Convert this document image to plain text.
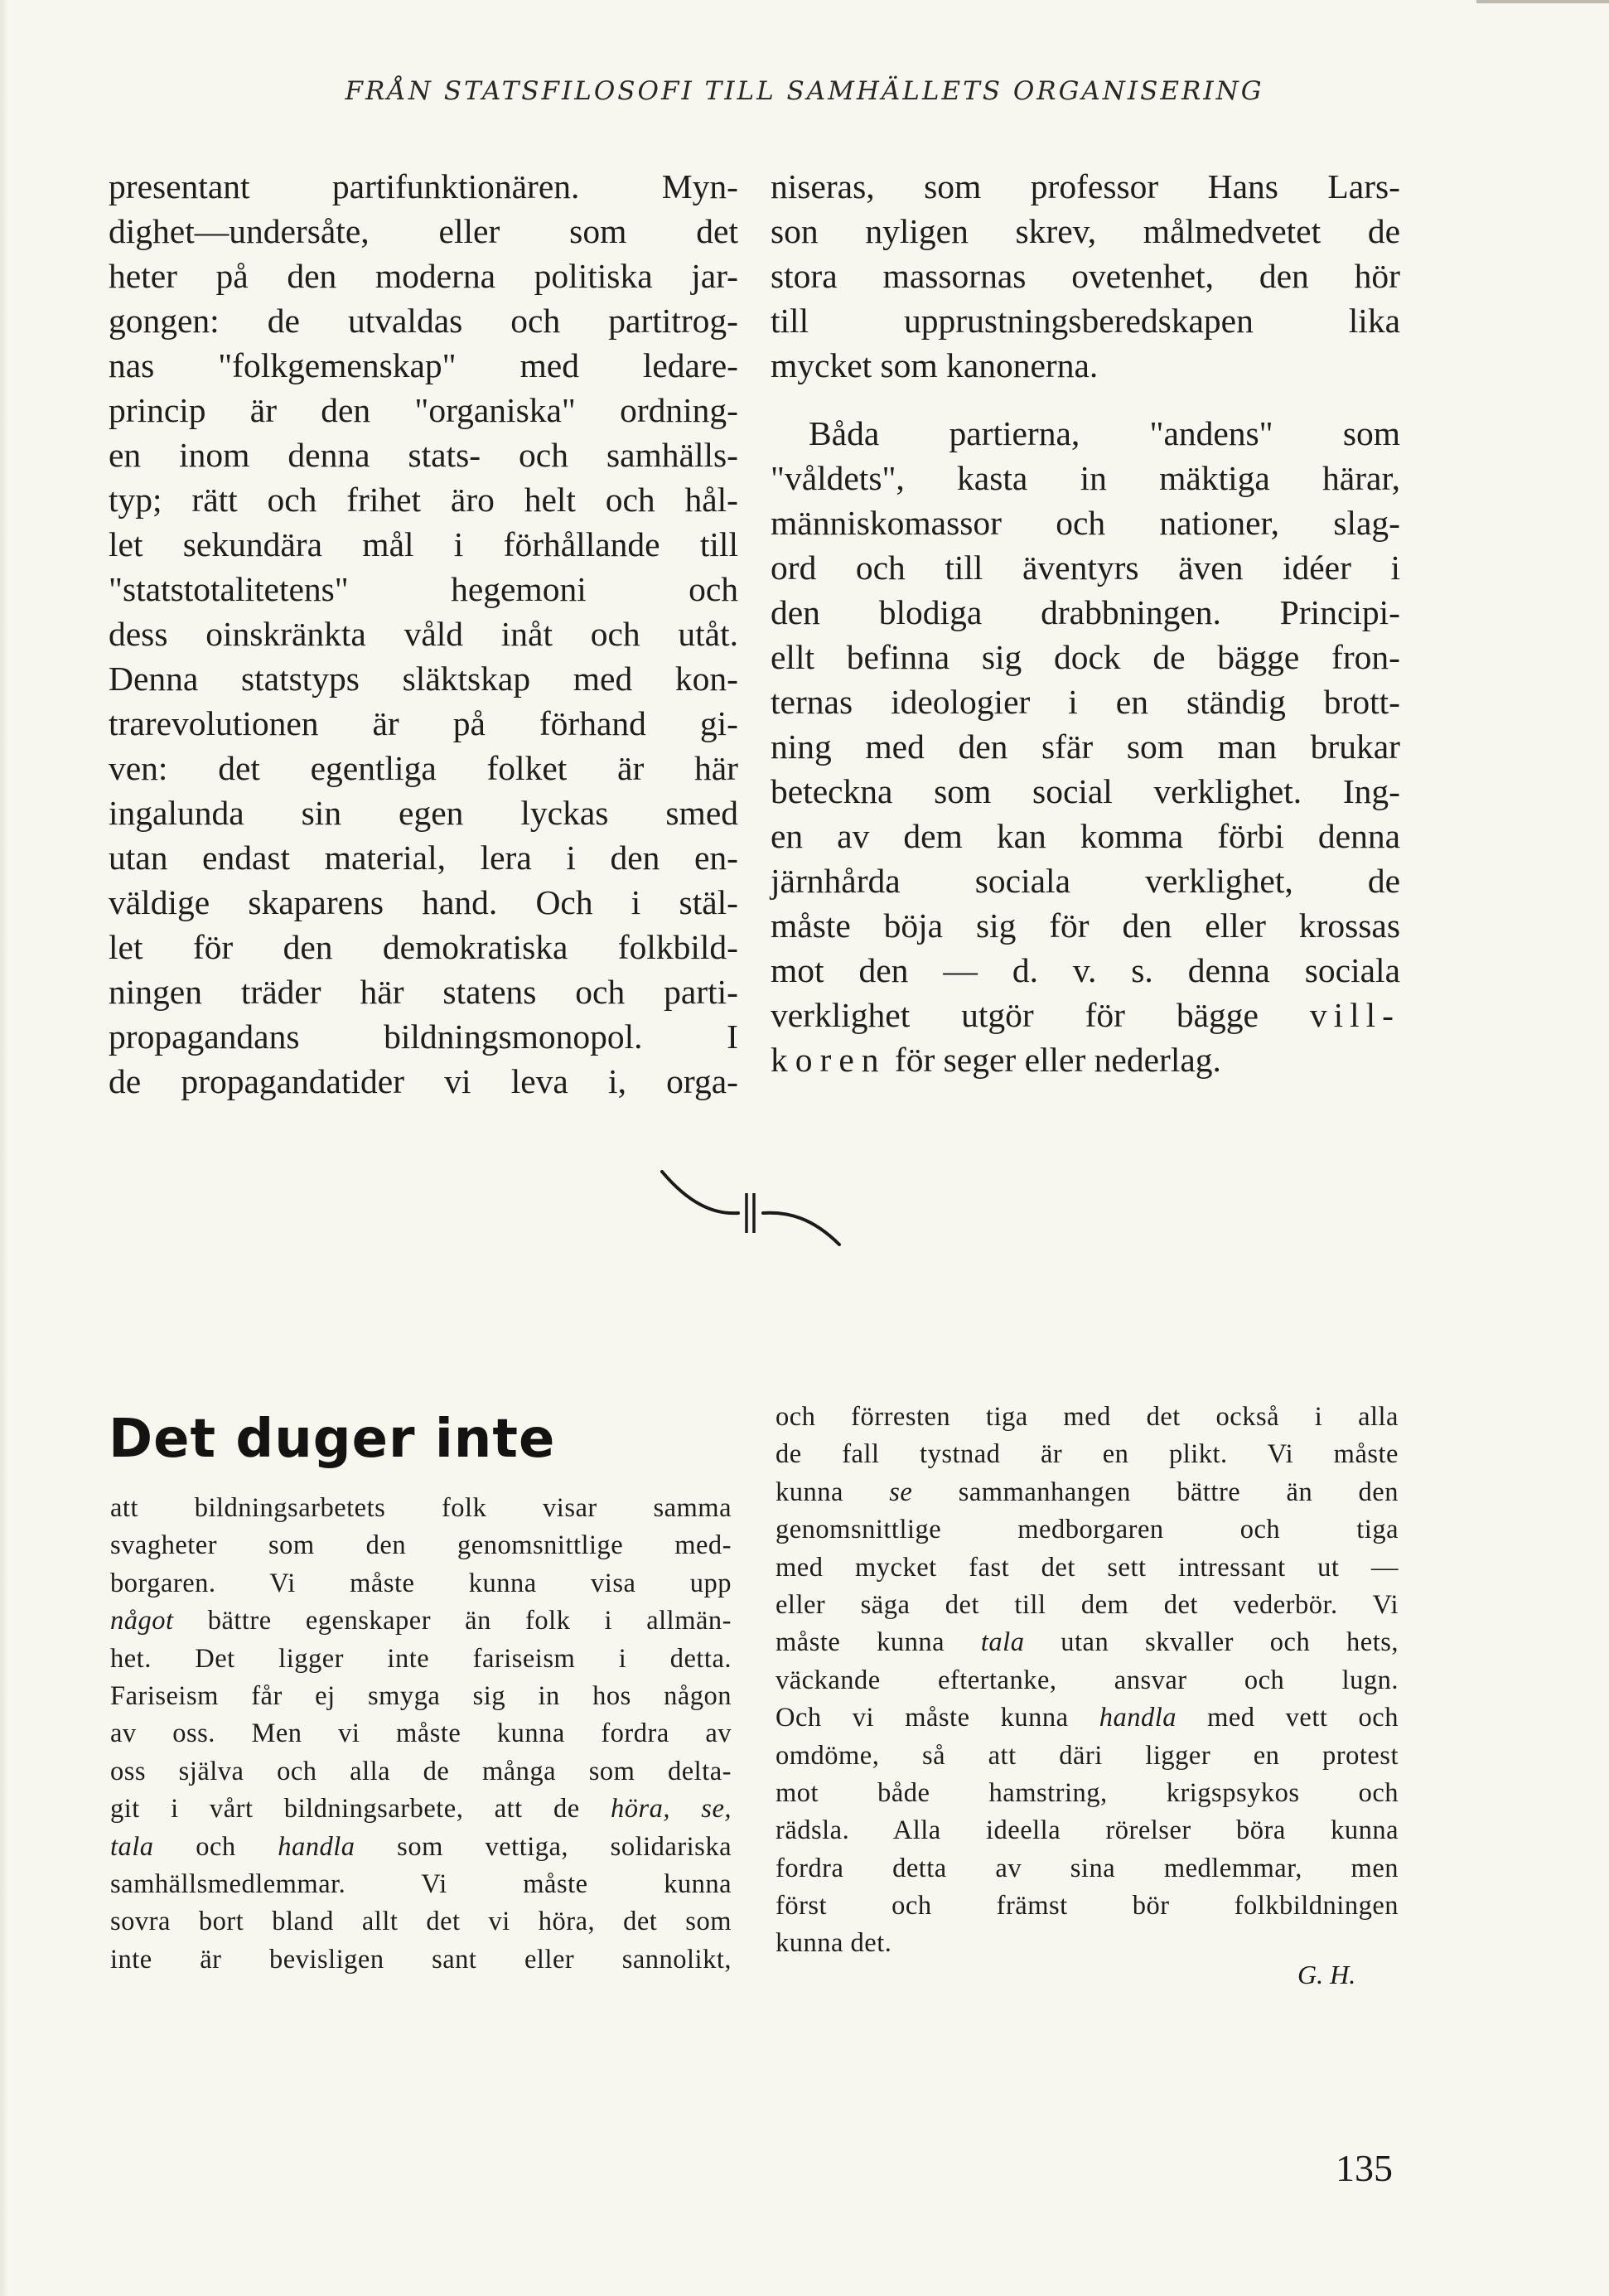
FRÅN STATSFILOSOFI TILL SAMHÄLLETS ORGANISERING
presentant partifunktionären. Myn-
dighet—undersåte, eller som det
heter på den moderna politiska jar-
gongen: de utvaldas och partitrog-
nas "folkgemenskap" med ledare-
princip är den "organiska" ordning-
en inom denna stats- och samhälls-
typ; rätt och frihet äro helt och hål-
let sekundära mål i förhållande till
"statstotalitetens" hegemoni och
dess oinskränkta våld inåt och utåt.
Denna statstyps släktskap med kon-
trarevolutionen är på förhand gi-
ven: det egentliga folket är här
ingalunda sin egen lyckas smed
utan endast material, lera i den en-
väldige skaparens hand. Och i stäl-
let för den demokratiska folkbild-
ningen träder här statens och parti-
propagandans bildningsmonopol. I
de propagandatider vi leva i, orga-
niseras, som professor Hans Lars-
son nyligen skrev, målmedvetet de
stora massornas ovetenhet, den hör
till upprustningsberedskapen lika
mycket som kanonerna.
Båda partierna, "andens" som
"våldets", kasta in mäktiga härar,
människomassor och nationer, slag-
ord och till äventyrs även idéer i
den blodiga drabbningen. Principi-
ellt befinna sig dock de bägge fron-
ternas ideologier i en ständig brott-
ning med den sfär som man brukar
beteckna som social verklighet. Ing-
en av dem kan komma förbi denna
järnhårda sociala verklighet, de
måste böja sig för den eller krossas
mot den — d. v. s. denna sociala
verklighet utgör för bägge vill-
koren för seger eller nederlag.
Det duger inte
att bildningsarbetets folk visar samma
svagheter som den genomsnittlige med-
borgaren. Vi måste kunna visa upp
något bättre egenskaper än folk i allmän-
het. Det ligger inte fariseism i detta.
Fariseism får ej smyga sig in hos någon
av oss. Men vi måste kunna fordra av
oss själva och alla de många som delta-
git i vårt bildningsarbete, att de höra, se,
tala och handla som vettiga, solidariska
samhällsmedlemmar. Vi måste kunna
sovra bort bland allt det vi höra, det som
inte är bevisligen sant eller sannolikt,
och förresten tiga med det också i alla
de fall tystnad är en plikt. Vi måste
kunna se sammanhangen bättre än den
genomsnittlige medborgaren och tiga
med mycket fast det sett intressant ut —
eller säga det till dem det vederbör. Vi
måste kunna tala utan skvaller och hets,
väckande eftertanke, ansvar och lugn.
Och vi måste kunna handla med vett och
omdöme, så att däri ligger en protest
mot både hamstring, krigspsykos och
rädsla. Alla ideella rörelser böra kunna
fordra detta av sina medlemmar, men
först och främst bör folkbildningen
kunna det.
G. H.
135
